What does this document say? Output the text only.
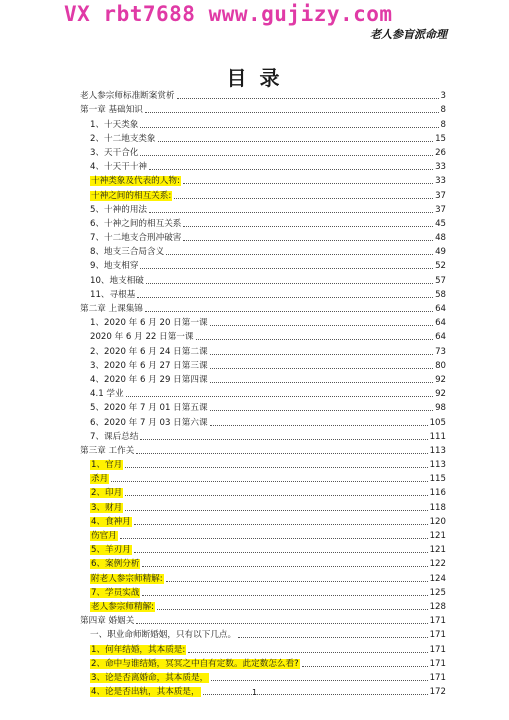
VX rbt7688 www.gujizy.com
老人参盲派命理
目 录
老人参宗师标准断案赏析	3
第一章 基础知识	8
1、十天类象	8
2、十二地支类象	15
3、天干合化	26
4、十天干十神	33
十神类象及代表的人物:	33
十神之间的相互关系:	37
5、十神的用法	37
6、十神之间的相互关系	45
7、十二地支合刑冲破害	48
8、地支三合局含义	49
9、地支相穿	52
10、地支相破	57
11、寻根基	58
第二章 上课集锦	64
1、2020 年 6 月 20 日第一课	64
2020 年 6 月 22 日第一课	64
2、2020 年 6 月 24 日第二课	73
3、2020 年 6 月 27 日第三课	80
4、2020 年 6 月 29 日第四课	92
4.1 学业	92
5、2020 年 7 月 01 日第五课	98
6、2020 年 7 月 03 日第六课	105
7、课后总结	111
第三章 工作关	113
1、官月	113
杀月	115
2、印月	116
3、财月	118
4、食神月	120
伤官月	121
5、羊刃月	121
6、案例分析	122
附老人参宗师精解:	124
7、学员实战	125
老人参宗师精解:	128
第四章 婚姻关	171
一、职业命师断婚姻，只有以下几点。	171
1、何年结婚，其本质是:	171
2、命中与谁结婚，冥冥之中自有定数。此定数怎么看?	171
3、论是否离婚命，其本质是，	171
4、论是否出轨，其本质是，	172
1
